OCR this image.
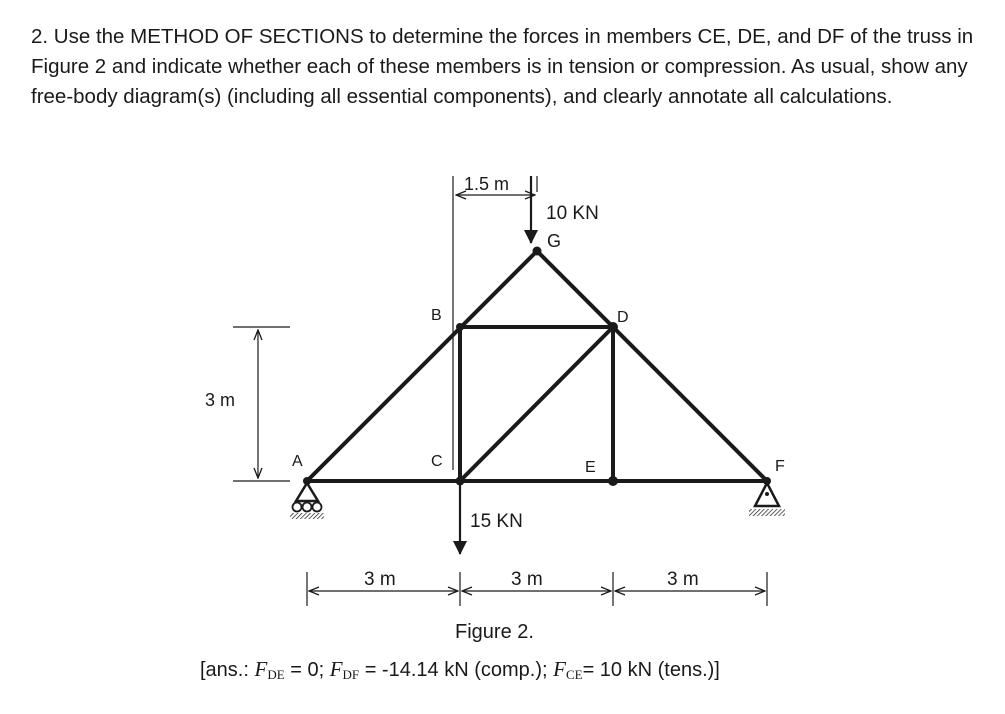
2. Use the METHOD OF SECTIONS to determine the forces in members CE, DE, and DF of the truss in Figure 2 and indicate whether each of these members is in tension or compression. As usual, show any free-body diagram(s) (including all essential components), and clearly annotate all calculations.

1.5 m
10 KN
G
B	D
3 m
A	C	E	F
15 KN
3 m	3 m	3 m
Figure 2.
[ans.: $F_{DE} = 0$; $F_{DF} = -14.14$ kN (comp.); $F_{CE}= 10$ kN (tens.)]
